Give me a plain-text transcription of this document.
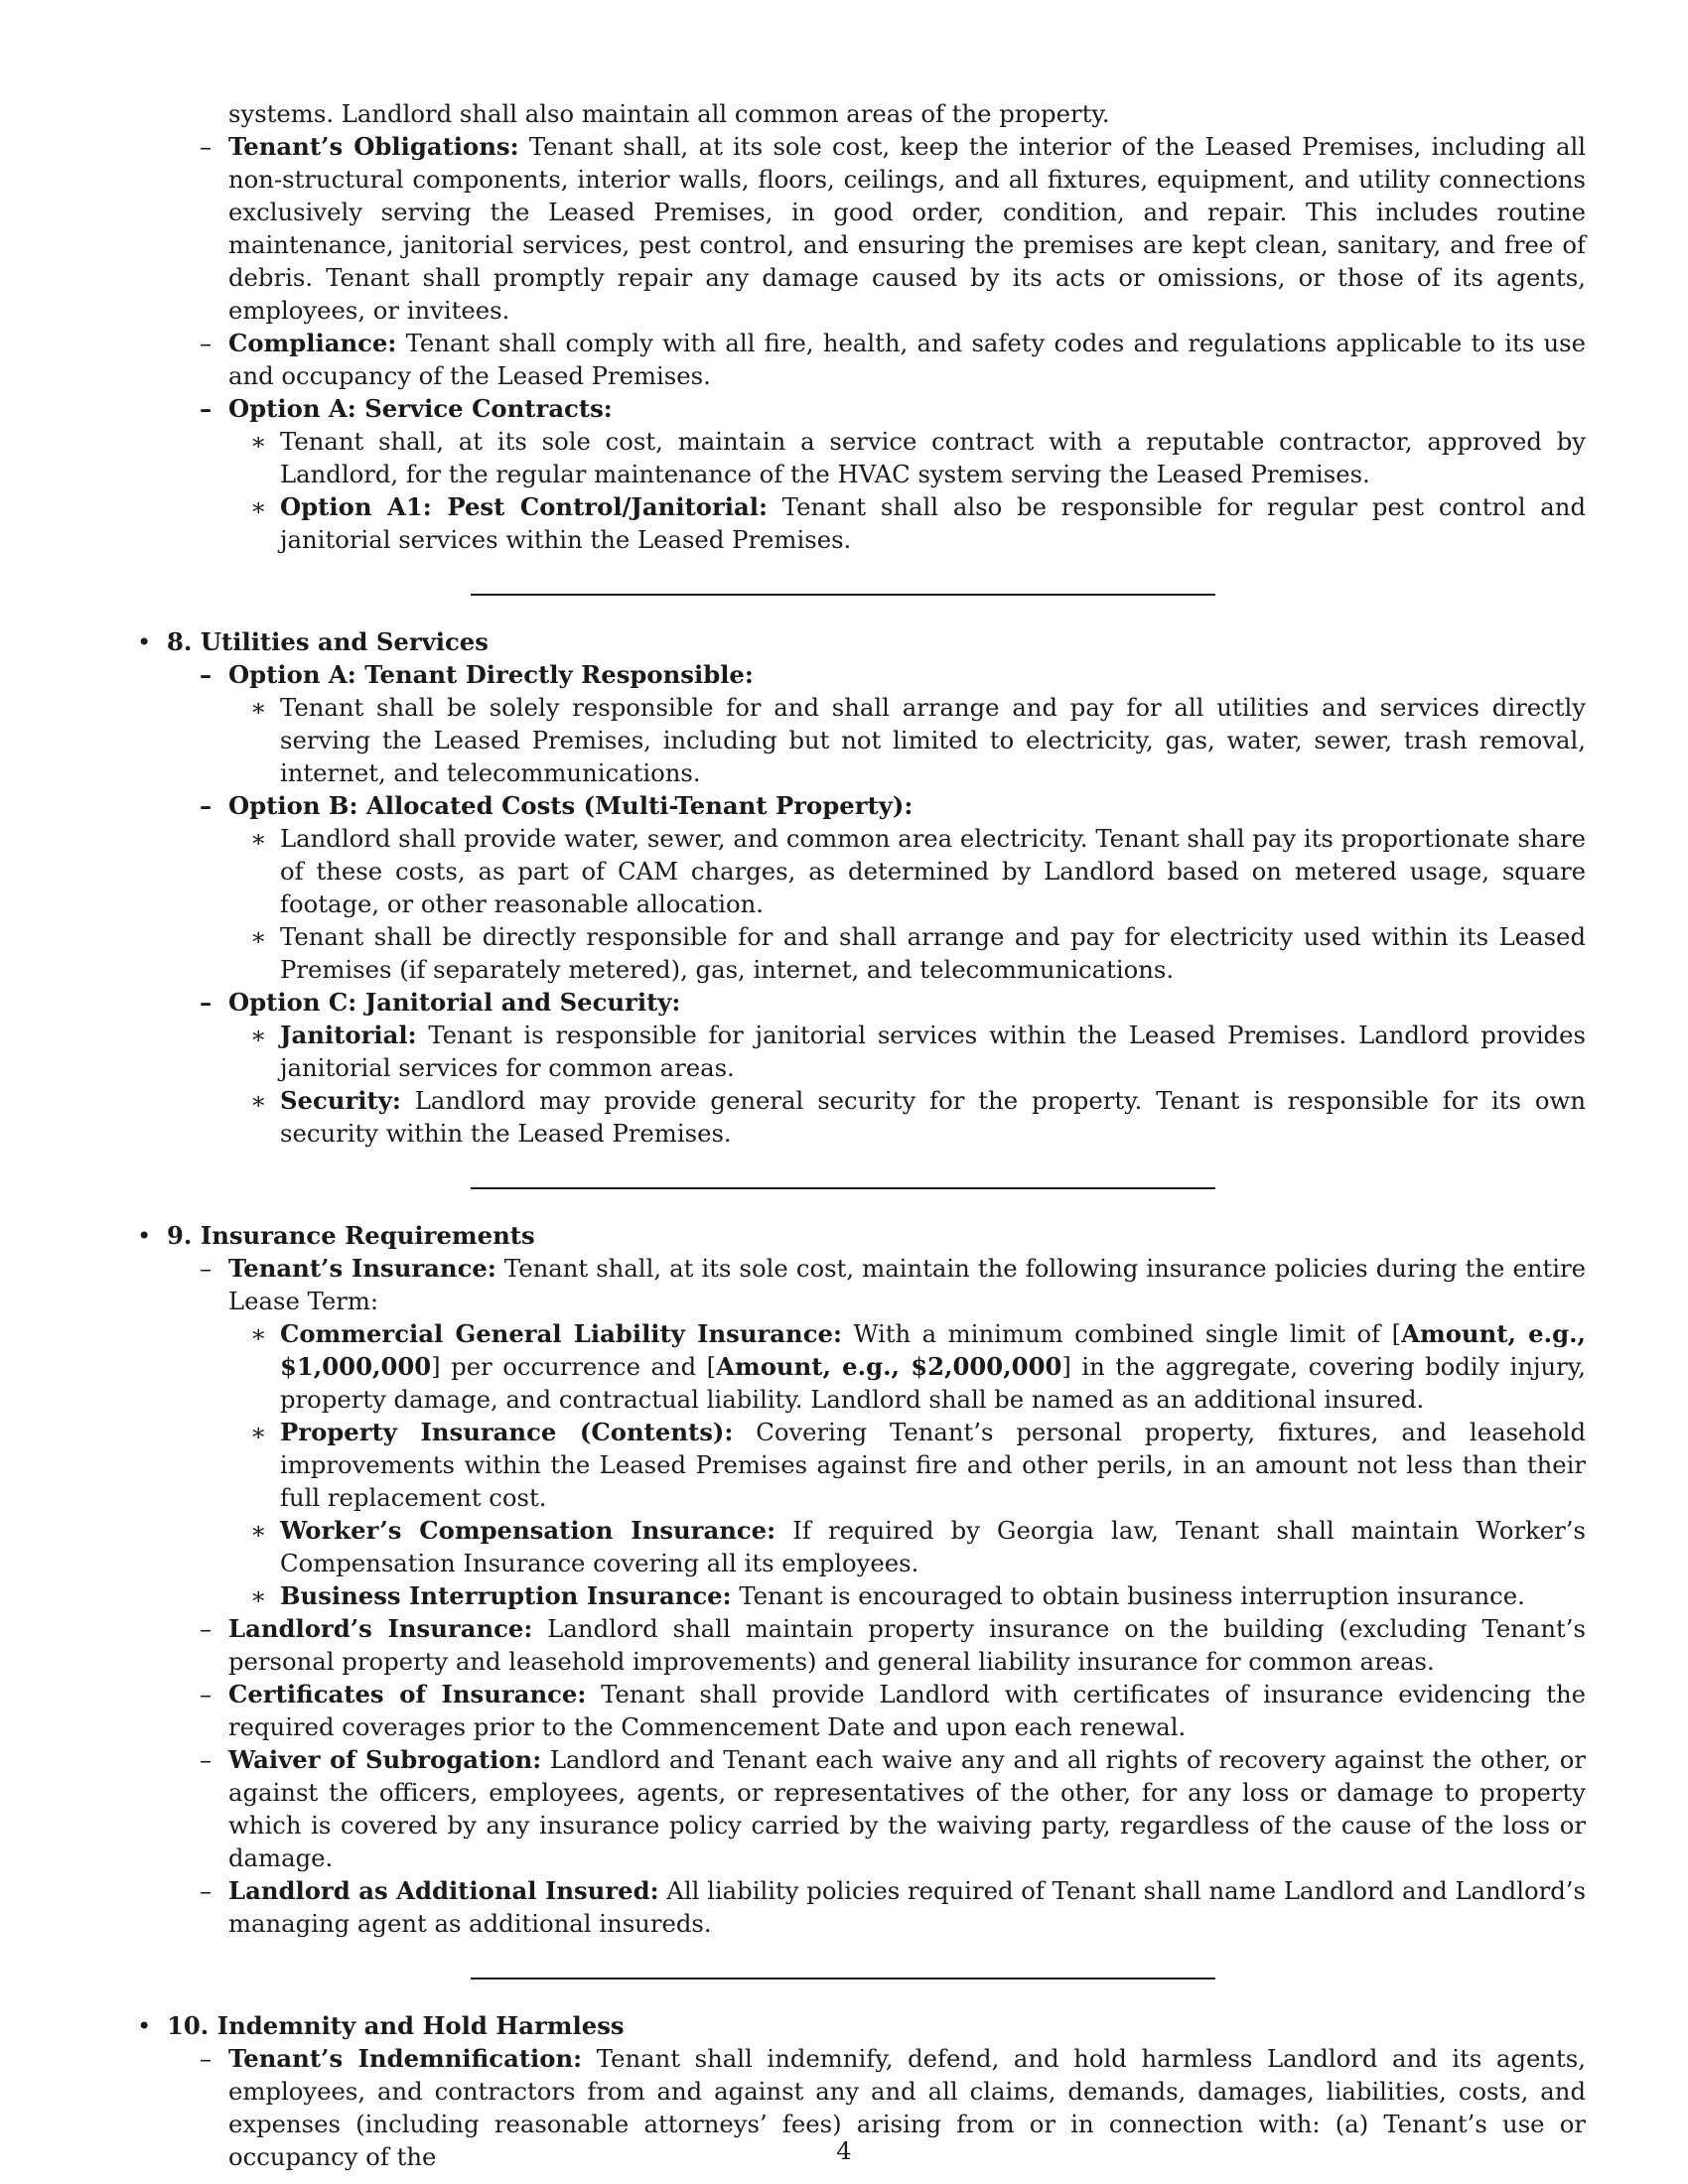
systems. Landlord shall also maintain all common areas of the property.
– Tenant’s Obligations: Tenant shall, at its sole cost, keep the interior of the Leased Premises, including all non-structural components, interior walls, floors, ceilings, and all fixtures, equipment, and utility connections exclusively serving the Leased Premises, in good order, condition, and repair. This includes routine maintenance, janitorial services, pest control, and ensuring the premises are kept clean, sanitary, and free of debris. Tenant shall promptly repair any damage caused by its acts or omissions, or those of its agents, employees, or invitees.
– Compliance: Tenant shall comply with all fire, health, and safety codes and regulations applicable to its use and occupancy of the Leased Premises.
– Option A: Service Contracts:
∗ Tenant shall, at its sole cost, maintain a service contract with a reputable contractor, approved by Landlord, for the regular maintenance of the HVAC system serving the Leased Premises.
∗ Option A1: Pest Control/Janitorial: Tenant shall also be responsible for regular pest control and janitorial services within the Leased Premises.
• 8. Utilities and Services
– Option A: Tenant Directly Responsible:
∗ Tenant shall be solely responsible for and shall arrange and pay for all utilities and services directly serving the Leased Premises, including but not limited to electricity, gas, water, sewer, trash removal, internet, and telecommunications.
– Option B: Allocated Costs (Multi-Tenant Property):
∗ Landlord shall provide water, sewer, and common area electricity. Tenant shall pay its proportionate share of these costs, as part of CAM charges, as determined by Landlord based on metered usage, square footage, or other reasonable allocation.
∗ Tenant shall be directly responsible for and shall arrange and pay for electricity used within its Leased Premises (if separately metered), gas, internet, and telecommunications.
– Option C: Janitorial and Security:
∗ Janitorial: Tenant is responsible for janitorial services within the Leased Premises. Landlord provides janitorial services for common areas.
∗ Security: Landlord may provide general security for the property. Tenant is responsible for its own security within the Leased Premises.
• 9. Insurance Requirements
– Tenant’s Insurance: Tenant shall, at its sole cost, maintain the following insurance policies during the entire Lease Term:
∗ Commercial General Liability Insurance: With a minimum combined single limit of [Amount, e.g., $1,000,000] per occurrence and [Amount, e.g., $2,000,000] in the aggregate, covering bodily injury, property damage, and contractual liability. Landlord shall be named as an additional insured.
∗ Property Insurance (Contents): Covering Tenant’s personal property, fixtures, and leasehold improvements within the Leased Premises against fire and other perils, in an amount not less than their full replacement cost.
∗ Worker’s Compensation Insurance: If required by Georgia law, Tenant shall maintain Worker’s Compensation Insurance covering all its employees.
∗ Business Interruption Insurance: Tenant is encouraged to obtain business interruption insurance.
– Landlord’s Insurance: Landlord shall maintain property insurance on the building (excluding Tenant’s personal property and leasehold improvements) and general liability insurance for common areas.
– Certificates of Insurance: Tenant shall provide Landlord with certificates of insurance evidencing the required coverages prior to the Commencement Date and upon each renewal.
– Waiver of Subrogation: Landlord and Tenant each waive any and all rights of recovery against the other, or against the officers, employees, agents, or representatives of the other, for any loss or damage to property which is covered by any insurance policy carried by the waiving party, regardless of the cause of the loss or damage.
– Landlord as Additional Insured: All liability policies required of Tenant shall name Landlord and Landlord’s managing agent as additional insureds.
• 10. Indemnity and Hold Harmless
– Tenant’s Indemnification: Tenant shall indemnify, defend, and hold harmless Landlord and its agents, employees, and contractors from and against any and all claims, demands, damages, liabilities, costs, and expenses (including reasonable attorneys’ fees) arising from or in connection with: (a) Tenant’s use or occupancy of the	4
